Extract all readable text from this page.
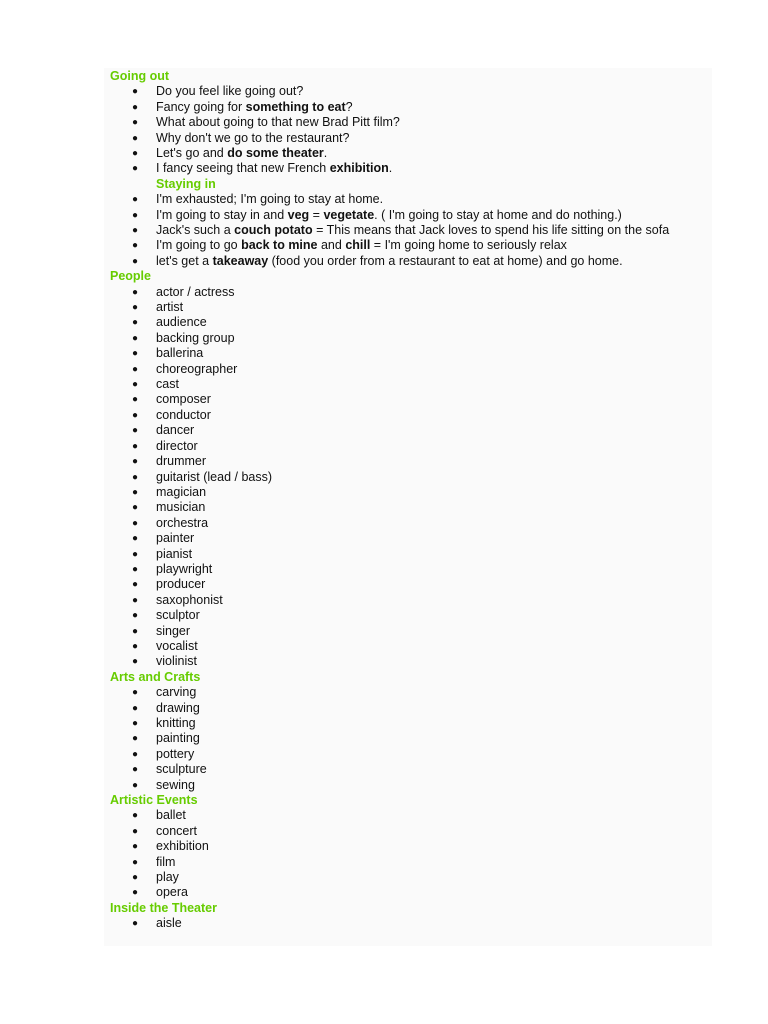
Going out
● Do you feel like going out?
● Fancy going for something to eat?
● What about going to that new Brad Pitt film?
● Why don't we go to the restaurant?
● Let's go and do some theater.
● I fancy seeing that new French exhibition.
Staying in
● I'm exhausted; I'm going to stay at home.
● I'm going to stay in and veg = vegetate. ( I'm going to stay at home and do nothing.)
● Jack's such a couch potato = This means that Jack loves to spend his life sitting on the sofa
● I'm going to go back to mine and chill = I'm going home to seriously relax
● let's get a takeaway (food you order from a restaurant to eat at home) and go home.
People
● actor / actress
● artist
● audience
● backing group
● ballerina
● choreographer
● cast
● composer
● conductor
● dancer
● director
● drummer
● guitarist (lead / bass)
● magician
● musician
● orchestra
● painter
● pianist
● playwright
● producer
● saxophonist
● sculptor
● singer
● vocalist
● violinist
Arts and Crafts
● carving
● drawing
● knitting
● painting
● pottery
● sculpture
● sewing
Artistic Events
● ballet
● concert
● exhibition
● film
● play
● opera
Inside the Theater
● aisle
